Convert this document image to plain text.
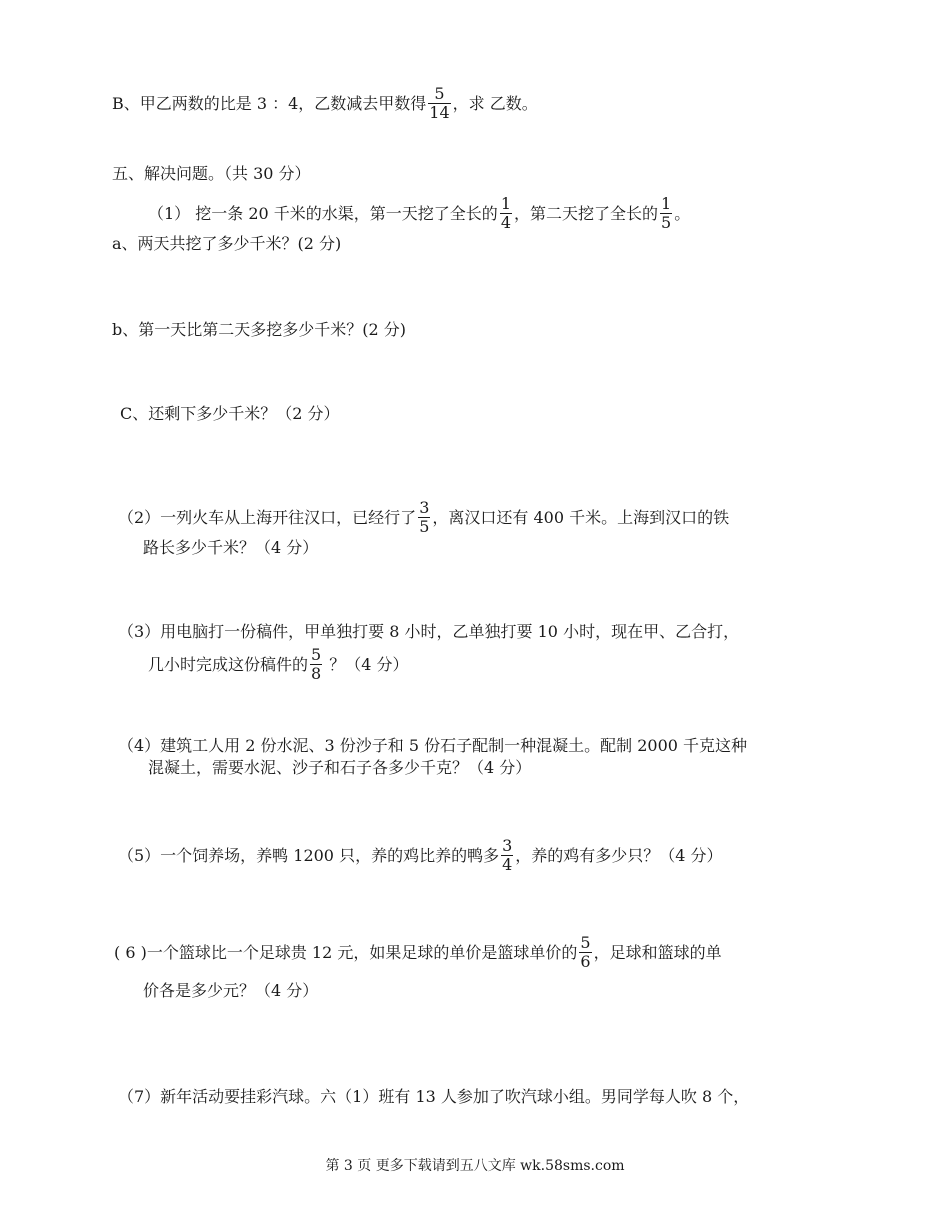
B、甲乙两数的比是 3 ：4，乙数减去甲数得 $\frac{5}{14}$ ，求 乙数。
五、解决问题。（共 30 分）
（1） 挖一条 20 千米的水渠，第一天挖了全长的 $\frac{1}{4}$ ，第二天挖了全长的 $\frac{1}{5}$ 。
a、两天共挖了多少千米？(2 分)
b、第一天比第二天多挖多少千米？(2 分)
C、还剩下多少千米？（2 分）
（2）一列火车从上海开往汉口，已经行了 $\frac{3}{5}$ ，离汉口还有 400 千米。上海到汉口的铁
路长多少千米？（4 分）
（3）用电脑打一份稿件，甲单独打要 8 小时，乙单独打要 10 小时，现在甲、乙合打，
几小时完成这份稿件的 $\frac{5}{8}$ ？（4 分）
（4）建筑工人用 2 份水泥、3 份沙子和 5 份石子配制一种混凝土。配制 2000 千克这种
混凝土，需要水泥、沙子和石子各多少千克？（4 分）
（5）一个饲养场，养鸭 1200 只，养的鸡比养的鸭多 $\frac{3}{4}$ ，养的鸡有多少只？（4 分）
( 6 )一个篮球比一个足球贵 12 元，如果足球的单价是篮球单价的 $\frac{5}{6}$ ，足球和篮球的单
价各是多少元？（4 分）
（7）新年活动要挂彩汽球。六（1）班有 13 人参加了吹汽球小组。男同学每人吹 8 个，
第 3 页 更多下载请到五八文库 wk.58sms.com
